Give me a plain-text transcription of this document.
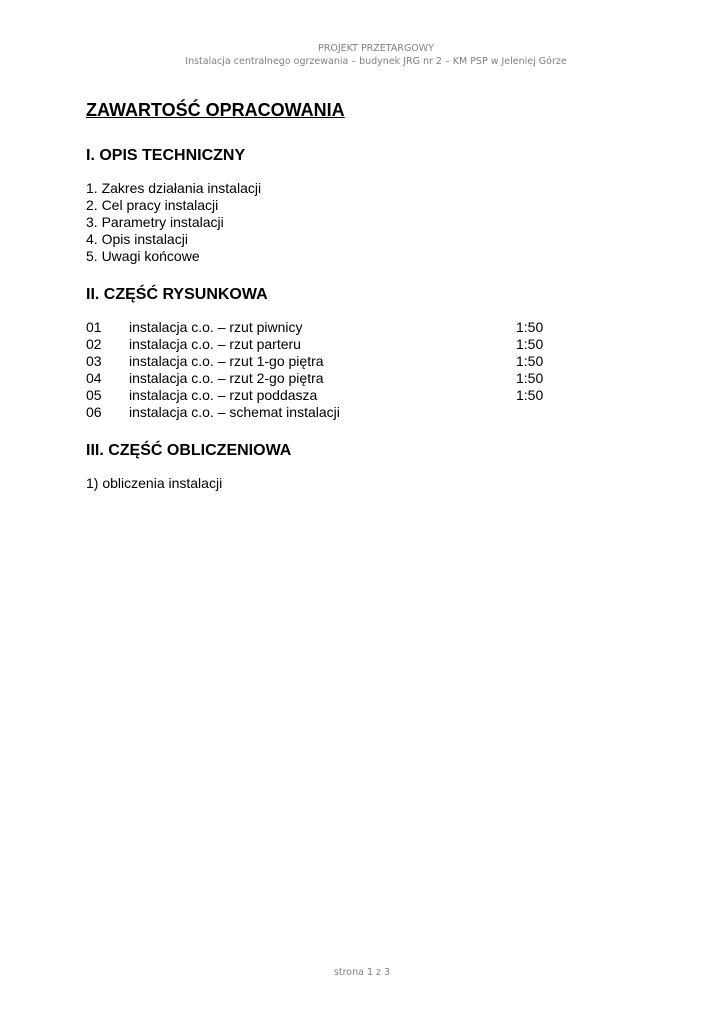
PROJEKT PRZETARGOWY
Instalacja centralnego ogrzewania – budynek JRG nr 2 – KM PSP w Jeleniej Górze
ZAWARTOŚĆ OPRACOWANIA
I. OPIS TECHNICZNY
1. Zakres działania instalacji
2. Cel pracy instalacji
3. Parametry instalacji
4. Opis instalacji
5. Uwagi końcowe
II. CZĘŚĆ RYSUNKOWA
01	instalacja c.o. – rzut piwnicy	1:50
02	instalacja c.o. – rzut parteru	1:50
03	instalacja c.o. – rzut 1-go piętra	1:50
04	instalacja c.o. – rzut 2-go piętra	1:50
05	instalacja c.o. – rzut poddasza	1:50
06	instalacja c.o. – schemat instalacji
III. CZĘŚĆ OBLICZENIOWA
1) obliczenia instalacji
strona 1 z 3
